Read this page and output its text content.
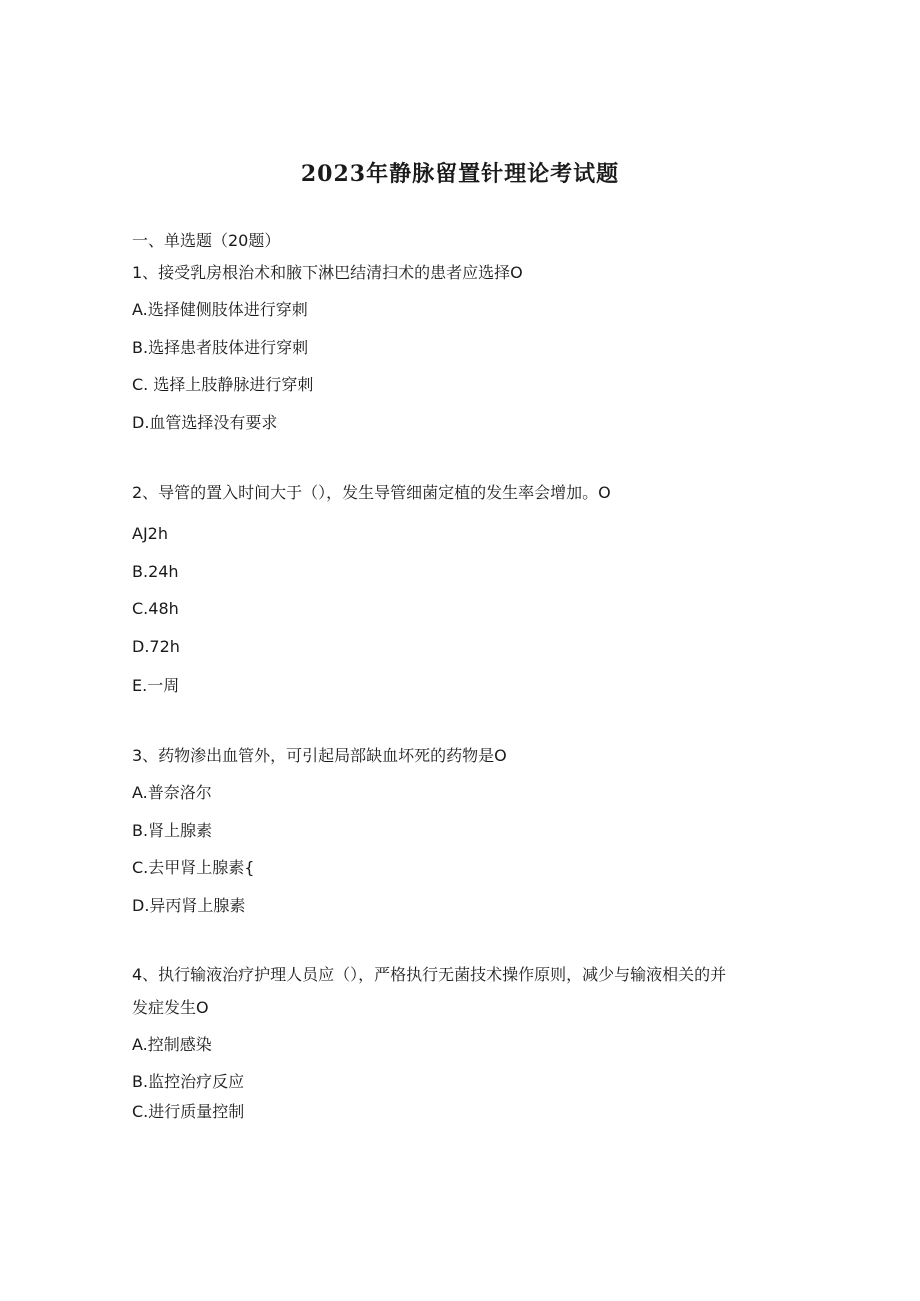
2023年静脉留置针理论考试题
一、单选题（20题）
1、接受乳房根治术和腋下淋巴结清扫术的患者应选择O
A.选择健侧肢体进行穿刺
B.选择患者肢体进行穿刺
C. 选择上肢静脉进行穿刺
D.血管选择没有要求
2、导管的置入时间大于（），发生导管细菌定植的发生率会增加。O
AJ2h
B.24h
C.48h
D.72h
E.一周
3、药物渗出血管外，可引起局部缺血坏死的药物是O
A.普奈洛尔
B.肾上腺素
C.去甲肾上腺素{
D.异丙肾上腺素
4、执行输液治疗护理人员应（），严格执行无菌技术操作原则，减少与输液相关的并
发症发生O
A.控制感染
B.监控治疗反应
C.进行质量控制
